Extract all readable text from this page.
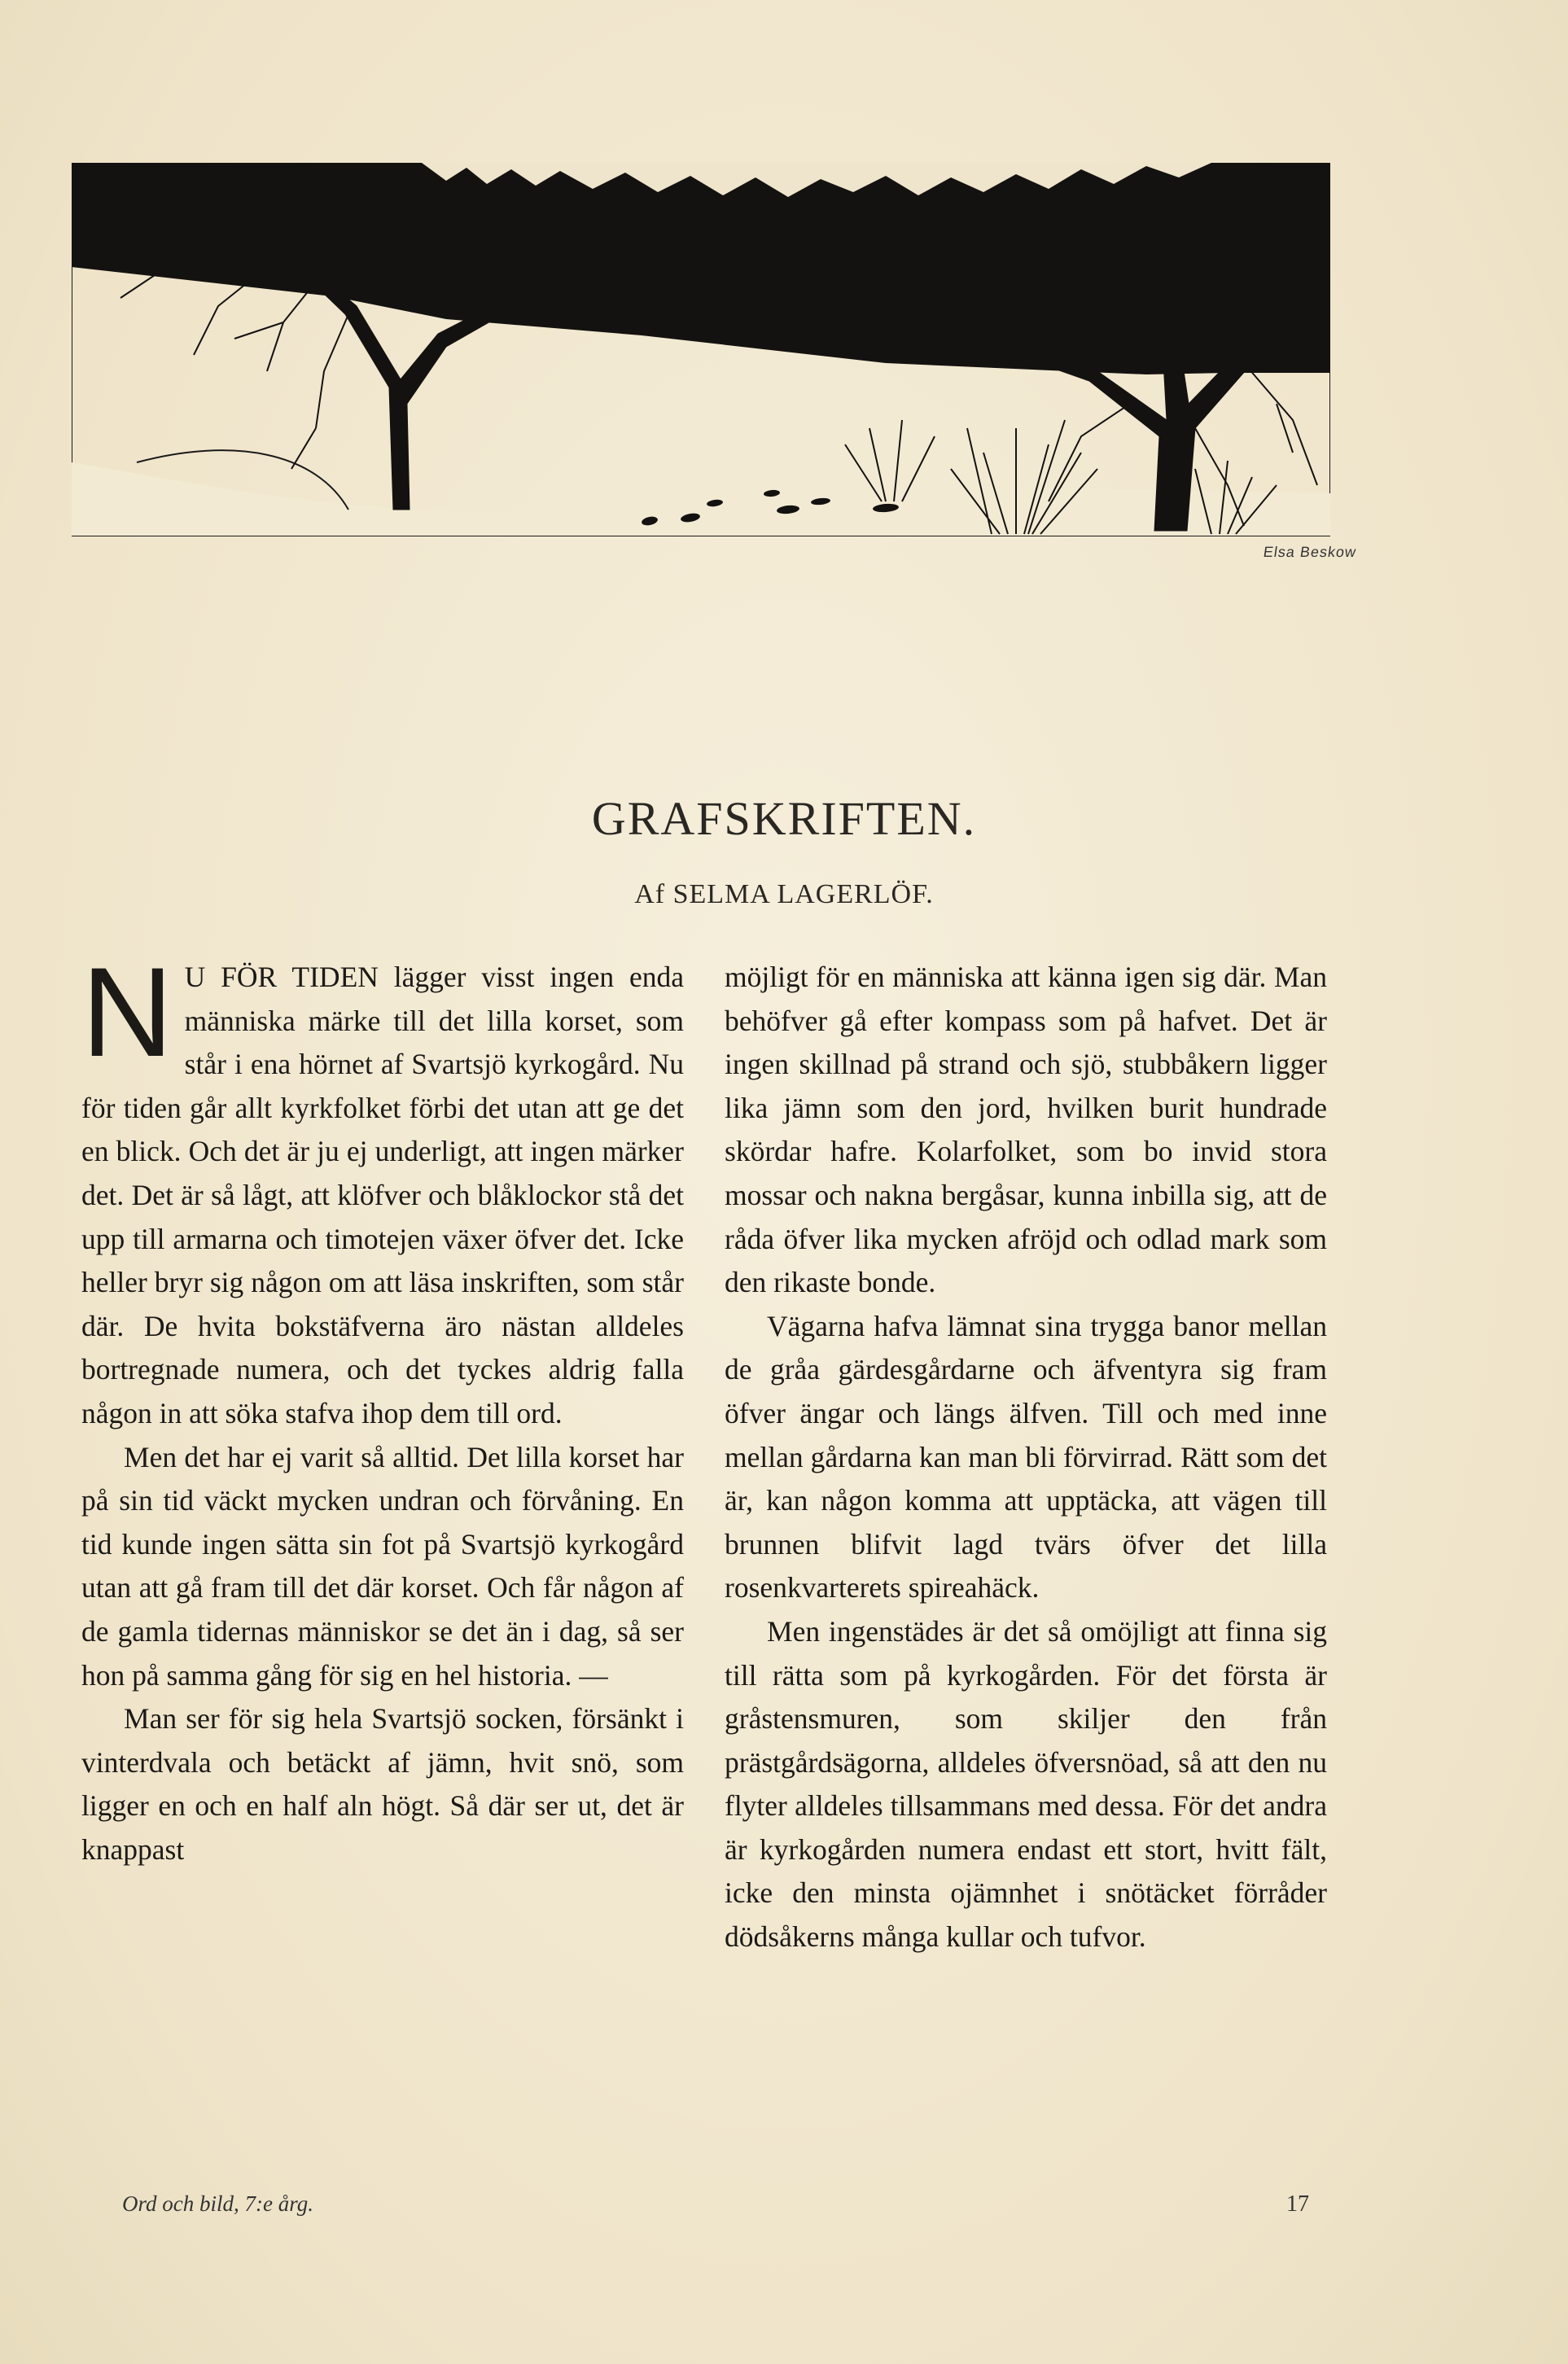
Elsa Beskow
GRAFSKRIFTEN.
Af SELMA LAGERLÖF.

N U FÖR TIDEN lägger visst ingen enda människa märke till det lilla korset, som står i ena hörnet af Svartsjö kyrkogård. Nu för tiden går allt kyrkfolket förbi det utan att ge det en blick. Och det är ju ej underligt, att ingen märker det. Det är så lågt, att klöfver och blåklockor stå det upp till armarna och timotejen växer öfver det. Icke heller bryr sig någon om att läsa inskriften, som står där. De hvita bokstäfverna äro nästan alldeles bortregnade numera, och det tyckes aldrig falla någon in att söka stafva ihop dem till ord.

Men det har ej varit så alltid. Det lilla korset har på sin tid väckt mycken undran och förvåning. En tid kunde ingen sätta sin fot på Svartsjö kyrkogård utan att gå fram till det där korset. Och får någon af de gamla tidernas människor se det än i dag, så ser hon på samma gång för sig en hel historia. ––

Man ser för sig hela Svartsjö socken, försänkt i vinterdvala och betäckt af jämn, hvit snö, som ligger en och en half aln högt. Så där ser ut, det är knappast

möjligt för en människa att känna igen sig där. Man behöfver gå efter kompass som på hafvet. Det är ingen skillnad på strand och sjö, stubbåkern ligger lika jämn som den jord, hvilken burit hundrade skördar hafre. Kolarfolket, som bo invid stora mossar och nakna bergåsar, kunna inbilla sig, att de råda öfver lika mycken afröjd och odlad mark som den rikaste bonde.

Vägarna hafva lämnat sina trygga banor mellan de gråa gärdesgårdarne och äfventyra sig fram öfver ängar och längs älfven. Till och med inne mellan gårdarna kan man bli förvirrad. Rätt som det är, kan någon komma att upptäcka, att vägen till brunnen blifvit lagd tvärs öfver det lilla rosenkvarterets spireahäck.

Men ingenstädes är det så omöjligt att finna sig till rätta som på kyrkogården. För det första är gråstensmuren, som skiljer den från prästgårdsägorna, alldeles öfversnöad, så att den nu flyter alldeles tillsammans med dessa. För det andra är kyrkogården numera endast ett stort, hvitt fält, icke den minsta ojämnhet i snötäcket förråder dödsåkerns många kullar och tufvor.

Ord och bild, 7:e årg.	17
